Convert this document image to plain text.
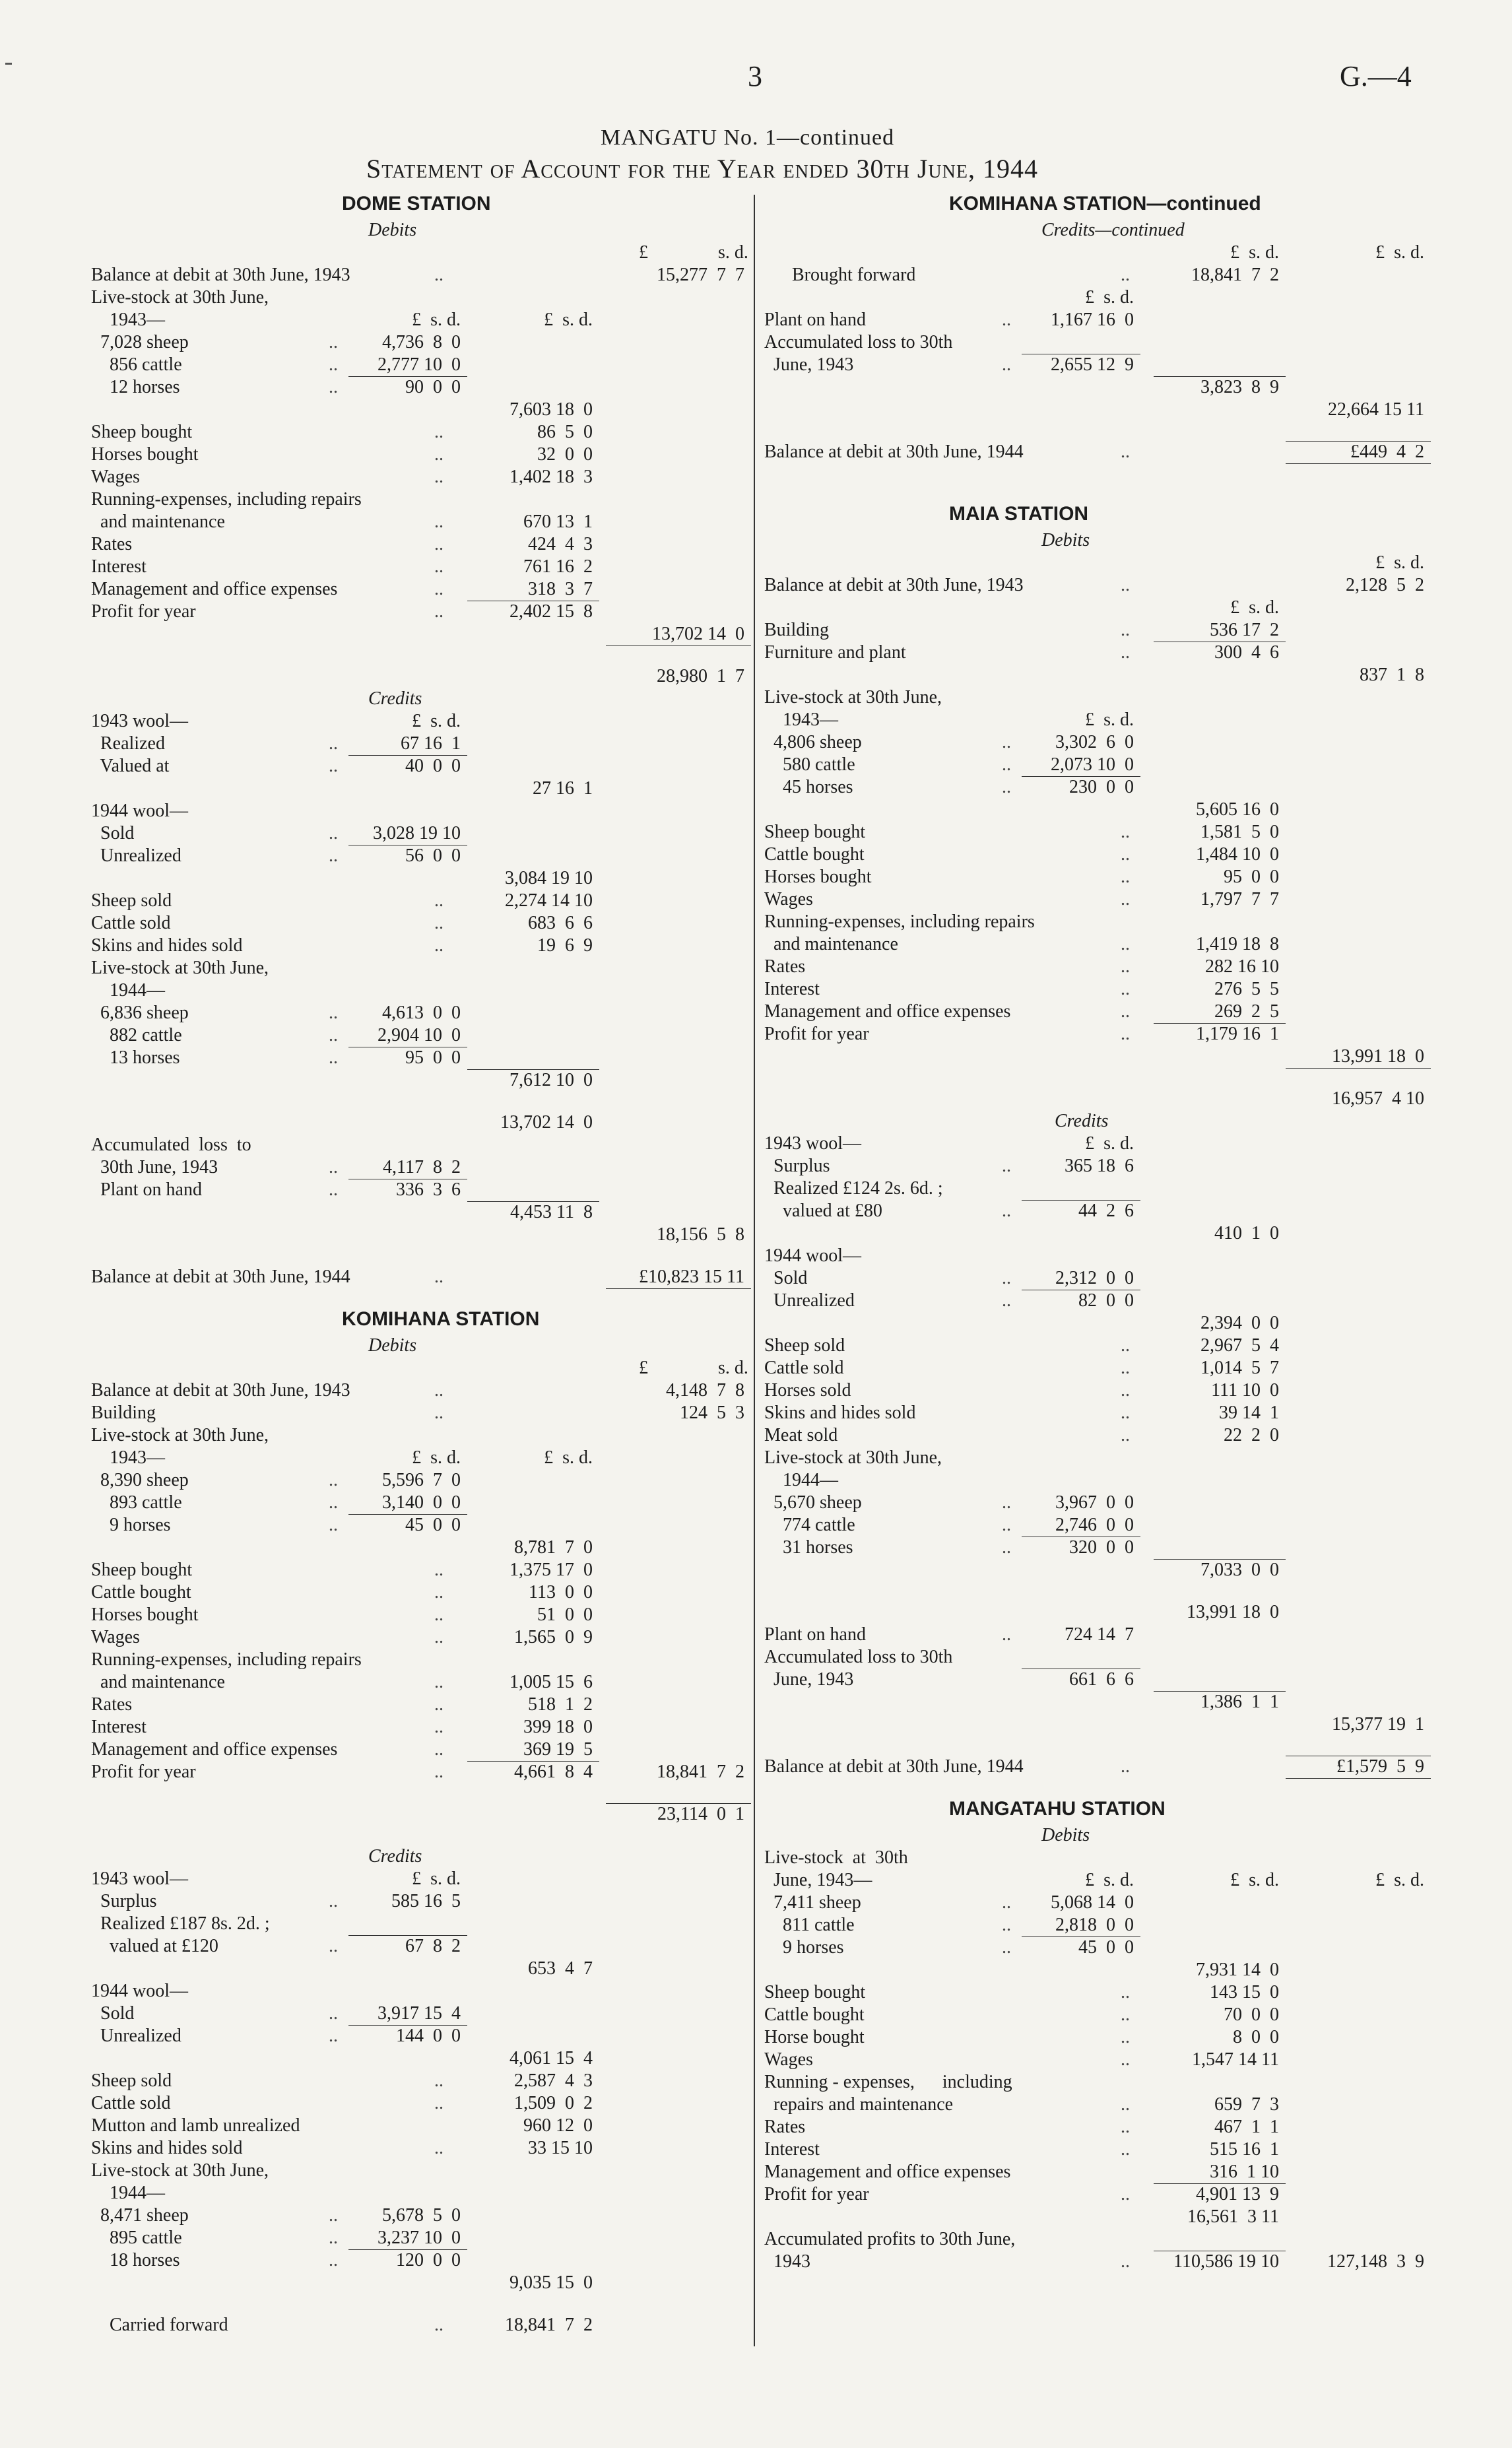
3	G.—4
MANGATU No. 1—continued
Statement of Account for the Year ended 30th June, 1944
DOME STATION
Debits
£	s. d.
Balance at debit at 30th June, 1943	..	15,277  7  7
Live-stock at 30th June,
1943—	£  s. d.	£  s. d.
7,028 sheep	.. 4,736  8  0
856 cattle	.. 2,777 10  0
12 horses	..	90  0  0
7,603 18  0
Sheep bought	..	86  5  0
Horses bought	..	32  0  0
Wages	..	1,402 18  3
Running-expenses, including repairs
and maintenance	..	670 13  1
Rates	..	424  4  3
Interest	..	761 16  2
Management and office expenses	..	318  3  7
Profit for year	..	2,402 15  8
13,702 14  0
28,980  1  7
Credits
1943 wool—	£  s. d.
Realized	..	67 16  1
Valued at	..	40  0  0
27 16  1
1944 wool—
Sold	.. 3,028 19 10
Unrealized	..	56  0  0
3,084 19 10
Sheep sold	..	2,274 14 10
Cattle sold	..	683  6  6
Skins and hides sold	..	19  6  9
Live-stock at 30th June,
1944—
6,836 sheep	.. 4,613  0  0
882 cattle	.. 2,904 10  0
13 horses	..	95  0  0
7,612 10  0
13,702 14  0
Accumulated  loss  to
30th June, 1943	.. 4,117  8  2
Plant on hand	..	336  3  6
4,453 11  8
18,156  5  8
Balance at debit at 30th June, 1944	..	£10,823 15 11
KOMIHANA STATION
Debits
£	s. d.
Balance at debit at 30th June, 1943	..	4,148  7  8
Building	..	124  5  3
Live-stock at 30th June,
1943—	£  s. d.	£  s. d.
8,390 sheep	.. 5,596  7  0
893 cattle	.. 3,140  0  0
9 horses	..	45  0  0
8,781  7  0
Sheep bought	..	1,375 17  0
Cattle bought	..	113  0  0
Horses bought	..	51  0  0
Wages	..	1,565  0  9
Running-expenses, including repairs
and maintenance	..	1,005 15  6
Rates	..	518  1  2
Interest	..	399 18  0
Management and office expenses	..	369 19  5
Profit for year	..	4,661  8  4	18,841  7  2
23,114  0  1
Credits
1943 wool—	£  s. d.
Surplus	..	585 16  5
Realized £187 8s. 2d. ;
valued at £120	..	67  8  2
653  4  7
1944 wool—
Sold	.. 3,917 15  4
Unrealized	..	144  0  0
4,061 15  4
Sheep sold	..	2,587  4  3
Cattle sold	..	1,509  0  2
Mutton and lamb unrealized	960 12  0
Skins and hides sold	..	33 15 10
Live-stock at 30th June,
1944—
8,471 sheep	.. 5,678  5  0
895 cattle	.. 3,237 10  0
18 horses	..	120  0  0
9,035 15  0
Carried forward	..	18,841  7  2
KOMIHANA STATION—continued
Credits—continued
£  s. d.	£  s. d.
Brought forward	..	18,841  7  2
£  s. d.
Plant on hand	.. 1,167 16  0
Accumulated loss to 30th
June, 1943	.. 2,655 12  9
3,823  8  9
22,664 15 11
Balance at debit at 30th June, 1944	..	£449  4  2
MAIA STATION
Debits
£  s. d.
Balance at debit at 30th June, 1943	..	2,128  5  2
£  s. d.
Building	..	536 17  2
Furniture and plant	..	300  4  6
837  1  8
Live-stock at 30th June,
1943—	£  s. d.
4,806 sheep	.. 3,302  6  0
580 cattle	.. 2,073 10  0
45 horses	..	230  0  0
5,605 16  0
Sheep bought	..	1,581  5  0
Cattle bought	..	1,484 10  0
Horses bought	..	95  0  0
Wages	..	1,797  7  7
Running-expenses, including repairs
and maintenance	..	1,419 18  8
Rates	..	282 16 10
Interest	..	276  5  5
Management and office expenses	..	269  2  5
Profit for year	..	1,179 16  1
13,991 18  0
16,957  4 10
Credits
1943 wool—	£  s. d.
Surplus	..	365 18  6
Realized £124 2s. 6d. ;
valued at £80	..	44  2  6
410  1  0
1944 wool—
Sold	.. 2,312  0  0
Unrealized	..	82  0  0
2,394  0  0
Sheep sold	..	2,967  5  4
Cattle sold	..	1,014  5  7
Horses sold	..	111 10  0
Skins and hides sold	..	39 14  1
Meat sold	..	22  2  0
Live-stock at 30th June,
1944—
5,670 sheep	.. 3,967  0  0
774 cattle	.. 2,746  0  0
31 horses	..	320  0  0
7,033  0  0
13,991 18  0
Plant on hand	..	724 14  7
Accumulated loss to 30th
June, 1943	661  6  6
1,386  1  1
15,377 19  1
Balance at debit at 30th June, 1944	..	£1,579  5  9
MANGATAHU STATION
Debits
Live-stock  at  30th
June, 1943—	£  s. d.	£  s. d.	£  s. d.
7,411 sheep	.. 5,068 14  0
811 cattle	.. 2,818  0  0
9 horses	..	45  0  0
7,931 14  0
Sheep bought	..	143 15  0
Cattle bought	..	70  0  0
Horse bought	..	8  0  0
Wages	..	1,547 14 11
Running - expenses,      including
repairs and maintenance	..	659  7  3
Rates	..	467  1  1
Interest	..	515 16  1
Management and office expenses	316  1 10
Profit for year	..	4,901 13  9
16,561  3 11
Accumulated profits to 30th June,
1943	.. 110,586 19 10	127,148  3  9
